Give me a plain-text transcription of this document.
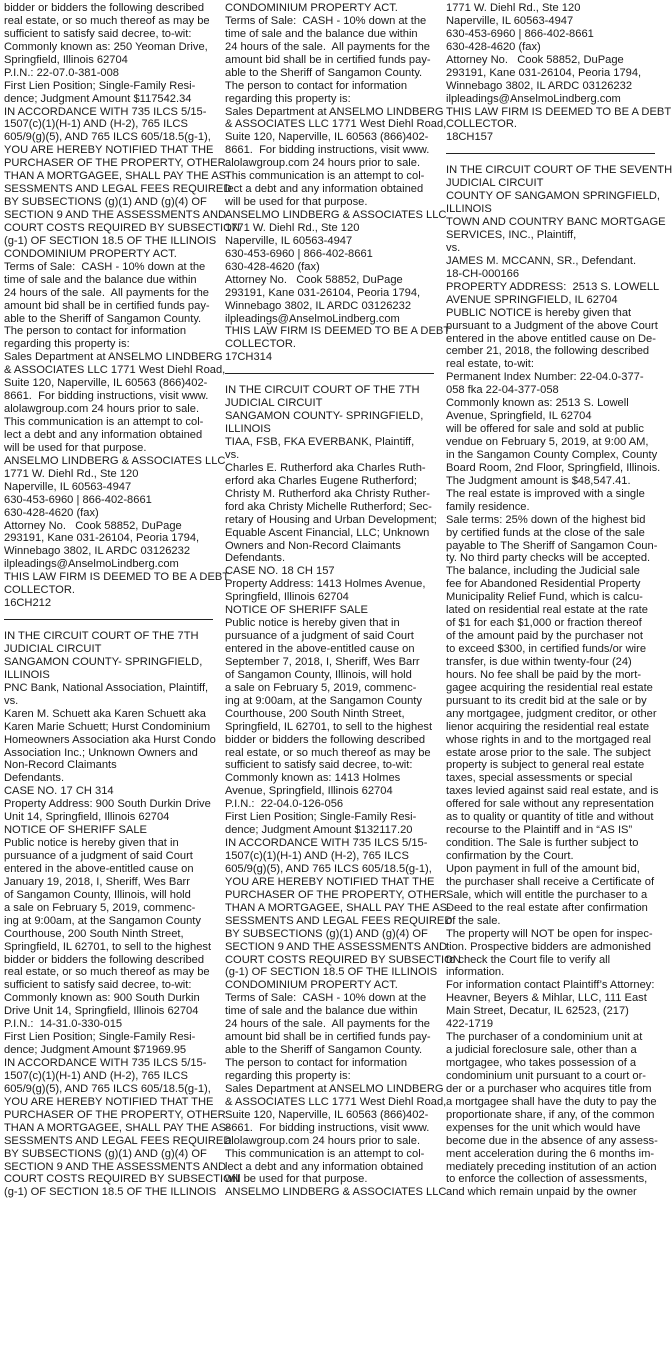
bidder or bidders the following described
real estate, or so much thereof as may be
sufficient to satisfy said decree, to-wit:
Commonly known as: 250 Yeoman Drive,
Springfield, Illinois 62704
P.I.N.: 22-07.0-381-008
First Lien Position; Single-Family Resi-
dence; Judgment Amount $117542.34
IN ACCORDANCE WITH 735 ILCS 5/15-
1507(c)(1)(H-1) AND (H-2), 765 ILCS
605/9(g)(5), AND 765 ILCS 605/18.5(g-1),
YOU ARE HEREBY NOTIFIED THAT THE
PURCHASER OF THE PROPERTY, OTHER
THAN A MORTGAGEE, SHALL PAY THE AS-
SESSMENTS AND LEGAL FEES REQUIRED
BY SUBSECTIONS (g)(1) AND (g)(4) OF
SECTION 9 AND THE ASSESSMENTS AND
COURT COSTS REQUIRED BY SUBSECTION
(g-1) OF SECTION 18.5 OF THE ILLINOIS
CONDOMINIUM PROPERTY ACT.
Terms of Sale:  CASH - 10% down at the
time of sale and the balance due within
24 hours of the sale.  All payments for the
amount bid shall be in certified funds pay-
able to the Sheriff of Sangamon County.
The person to contact for information
regarding this property is:
Sales Department at ANSELMO LINDBERG
& ASSOCIATES LLC 1771 West Diehl Road,
Suite 120, Naperville, IL 60563 (866)402-
8661.  For bidding instructions, visit www.
alolawgroup.com 24 hours prior to sale.
This communication is an attempt to col-
lect a debt and any information obtained
will be used for that purpose.
ANSELMO LINDBERG & ASSOCIATES LLC
1771 W. Diehl Rd., Ste 120
Naperville, IL 60563-4947
630-453-6960 | 866-402-8661
630-428-4620 (fax)
Attorney No.   Cook 58852, DuPage
293191, Kane 031-26104, Peoria 1794,
Winnebago 3802, IL ARDC 03126232
ilpleadings@AnselmoLindberg.com
THIS LAW FIRM IS DEEMED TO BE A DEBT
COLLECTOR.
16CH212
IN THE CIRCUIT COURT OF THE 7TH
JUDICIAL CIRCUIT
SANGAMON COUNTY- SPRINGFIELD,
ILLINOIS
PNC Bank, National Association, Plaintiff,
vs.
Karen M. Schuett aka Karen Schuett aka
Karen Marie Schuett; Hurst Condominium
Homeowners Association aka Hurst Condo
Association Inc.; Unknown Owners and
Non-Record Claimants
Defendants.
CASE NO. 17 CH 314
Property Address: 900 South Durkin Drive
Unit 14, Springfield, Illinois 62704
NOTICE OF SHERIFF SALE
Public notice is hereby given that in
pursuance of a judgment of said Court
entered in the above-entitled cause on
January 19, 2018, I, Sheriff, Wes Barr
of Sangamon County, Illinois, will hold
a sale on February 5, 2019, commenc-
ing at 9:00am, at the Sangamon County
Courthouse, 200 South Ninth Street,
Springfield, IL 62701, to sell to the highest
bidder or bidders the following described
real estate, or so much thereof as may be
sufficient to satisfy said decree, to-wit:
Commonly known as: 900 South Durkin
Drive Unit 14, Springfield, Illinois 62704
P.I.N.:  14-31.0-330-015
First Lien Position; Single-Family Resi-
dence; Judgment Amount $71969.95
IN ACCORDANCE WITH 735 ILCS 5/15-
1507(c)(1)(H-1) AND (H-2), 765 ILCS
605/9(g)(5), AND 765 ILCS 605/18.5(g-1),
YOU ARE HEREBY NOTIFIED THAT THE
PURCHASER OF THE PROPERTY, OTHER
THAN A MORTGAGEE, SHALL PAY THE AS-
SESSMENTS AND LEGAL FEES REQUIRED
BY SUBSECTIONS (g)(1) AND (g)(4) OF
SECTION 9 AND THE ASSESSMENTS AND
COURT COSTS REQUIRED BY SUBSECTION
(g-1) OF SECTION 18.5 OF THE ILLINOIS
CONDOMINIUM PROPERTY ACT.
Terms of Sale:  CASH - 10% down at the
time of sale and the balance due within
24 hours of the sale.  All payments for the
amount bid shall be in certified funds pay-
able to the Sheriff of Sangamon County.
The person to contact for information
regarding this property is:
Sales Department at ANSELMO LINDBERG
& ASSOCIATES LLC 1771 West Diehl Road,
Suite 120, Naperville, IL 60563 (866)402-
8661.  For bidding instructions, visit www.
alolawgroup.com 24 hours prior to sale.
This communication is an attempt to col-
lect a debt and any information obtained
will be used for that purpose.
ANSELMO LINDBERG & ASSOCIATES LLC
1771 W. Diehl Rd., Ste 120
Naperville, IL 60563-4947
630-453-6960 | 866-402-8661
630-428-4620 (fax)
Attorney No.   Cook 58852, DuPage
293191, Kane 031-26104, Peoria 1794,
Winnebago 3802, IL ARDC 03126232
ilpleadings@AnselmoLindberg.com
THIS LAW FIRM IS DEEMED TO BE A DEBT
COLLECTOR.
17CH314
IN THE CIRCUIT COURT OF THE 7TH
JUDICIAL CIRCUIT
SANGAMON COUNTY- SPRINGFIELD,
ILLINOIS
TIAA, FSB, FKA EVERBANK, Plaintiff,
vs.
Charles E. Rutherford aka Charles Ruth-
erford aka Charles Eugene Rutherford;
Christy M. Rutherford aka Christy Ruther-
ford aka Christy Michelle Rutherford; Sec-
retary of Housing and Urban Development;
Equable Ascent Financial, LLC; Unknown
Owners and Non-Record Claimants
Defendants.
CASE NO. 18 CH 157
Property Address: 1413 Holmes Avenue,
Springfield, Illinois 62704
NOTICE OF SHERIFF SALE
Public notice is hereby given that in
pursuance of a judgment of said Court
entered in the above-entitled cause on
September 7, 2018, I, Sheriff, Wes Barr
of Sangamon County, Illinois, will hold
a sale on February 5, 2019, commenc-
ing at 9:00am, at the Sangamon County
Courthouse, 200 South Ninth Street,
Springfield, IL 62701, to sell to the highest
bidder or bidders the following described
real estate, or so much thereof as may be
sufficient to satisfy said decree, to-wit:
Commonly known as: 1413 Holmes
Avenue, Springfield, Illinois 62704
P.I.N.:  22-04.0-126-056
First Lien Position; Single-Family Resi-
dence; Judgment Amount $132117.20
IN ACCORDANCE WITH 735 ILCS 5/15-
1507(c)(1)(H-1) AND (H-2), 765 ILCS
605/9(g)(5), AND 765 ILCS 605/18.5(g-1),
YOU ARE HEREBY NOTIFIED THAT THE
PURCHASER OF THE PROPERTY, OTHER
THAN A MORTGAGEE, SHALL PAY THE AS-
SESSMENTS AND LEGAL FEES REQUIRED
BY SUBSECTIONS (g)(1) AND (g)(4) OF
SECTION 9 AND THE ASSESSMENTS AND
COURT COSTS REQUIRED BY SUBSECTION
(g-1) OF SECTION 18.5 OF THE ILLINOIS
CONDOMINIUM PROPERTY ACT.
Terms of Sale:  CASH - 10% down at the
time of sale and the balance due within
24 hours of the sale.  All payments for the
amount bid shall be in certified funds pay-
able to the Sheriff of Sangamon County.
The person to contact for information
regarding this property is:
Sales Department at ANSELMO LINDBERG
& ASSOCIATES LLC 1771 West Diehl Road,
Suite 120, Naperville, IL 60563 (866)402-
8661.  For bidding instructions, visit www.
alolawgroup.com 24 hours prior to sale.
This communication is an attempt to col-
lect a debt and any information obtained
will be used for that purpose.
ANSELMO LINDBERG & ASSOCIATES LLC
1771 W. Diehl Rd., Ste 120
Naperville, IL 60563-4947
630-453-6960 | 866-402-8661
630-428-4620 (fax)
Attorney No.   Cook 58852, DuPage
293191, Kane 031-26104, Peoria 1794,
Winnebago 3802, IL ARDC 03126232
ilpleadings@AnselmoLindberg.com
THIS LAW FIRM IS DEEMED TO BE A DEBT
COLLECTOR.
18CH157
IN THE CIRCUIT COURT OF THE SEVENTH
JUDICIAL CIRCUIT
COUNTY OF SANGAMON SPRINGFIELD,
ILLINOIS
TOWN AND COUNTRY BANC MORTGAGE
SERVICES, INC., Plaintiff,
vs.
JAMES M. MCCANN, SR., Defendant.
18-CH-000166
PROPERTY ADDRESS:  2513 S. LOWELL
AVENUE SPRINGFIELD, IL 62704
PUBLIC NOTICE is hereby given that
pursuant to a Judgment of the above Court
entered in the above entitled cause on De-
cember 21, 2018, the following described
real estate, to-wit:
Permanent Index Number: 22-04.0-377-
058 fka 22-04-377-058
Commonly known as: 2513 S. Lowell
Avenue, Springfield, IL 62704
will be offered for sale and sold at public
vendue on February 5, 2019, at 9:00 AM,
in the Sangamon County Complex, County
Board Room, 2nd Floor, Springfield, Illinois.
The Judgment amount is $48,547.41.
The real estate is improved with a single
family residence.
Sale terms: 25% down of the highest bid
by certified funds at the close of the sale
payable to The Sheriff of Sangamon Coun-
ty. No third party checks will be accepted.
The balance, including the Judicial sale
fee for Abandoned Residential Property
Municipality Relief Fund, which is calcu-
lated on residential real estate at the rate
of $1 for each $1,000 or fraction thereof
of the amount paid by the purchaser not
to exceed $300, in certified funds/or wire
transfer, is due within twenty-four (24)
hours. No fee shall be paid by the mort-
gagee acquiring the residential real estate
pursuant to its credit bid at the sale or by
any mortgagee, judgment creditor, or other
lienor acquiring the residential real estate
whose rights in and to the mortgaged real
estate arose prior to the sale. The subject
property is subject to general real estate
taxes, special assessments or special
taxes levied against said real estate, and is
offered for sale without any representation
as to quality or quantity of title and without
recourse to the Plaintiff and in “AS IS”
condition. The Sale is further subject to
confirmation by the Court.
Upon payment in full of the amount bid,
the purchaser shall receive a Certificate of
Sale, which will entitle the purchaser to a
Deed to the real estate after confirmation
of the sale.
The property will NOT be open for inspec-
tion. Prospective bidders are admonished
to check the Court file to verify all
information.
For information contact Plaintiff’s Attorney:
Heavner, Beyers & Mihlar, LLC, 111 East
Main Street, Decatur, IL 62523, (217)
422-1719
The purchaser of a condominium unit at
a judicial foreclosure sale, other than a
mortgagee, who takes possession of a
condominium unit pursuant to a court or-
der or a purchaser who acquires title from
a mortgagee shall have the duty to pay the
proportionate share, if any, of the common
expenses for the unit which would have
become due in the absence of any assess-
ment acceleration during the 6 months im-
mediately preceding institution of an action
to enforce the collection of assessments,
and which remain unpaid by the owner
